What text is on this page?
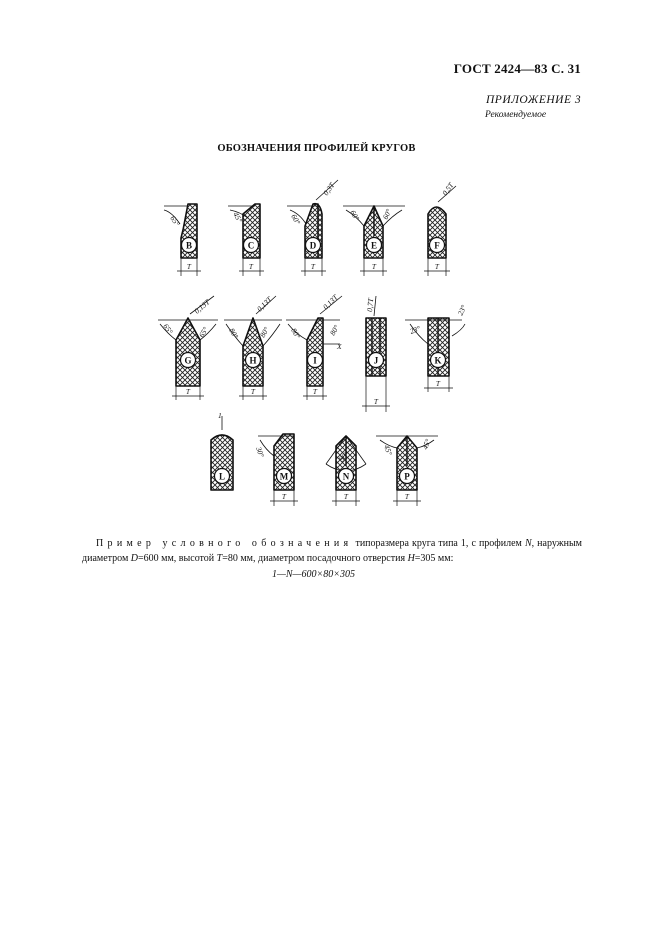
ГОСТ 2424—83 С. 31
ПРИЛОЖЕНИЕ 3
Рекомендуемое
ОБОЗНАЧЕНИЯ ПРОФИЛЕЙ КРУГОВ
B	C	D	E	F
G	H	I	J	K
L	M	N	P
T	T	T	T	T
T	T	T
T
T
T	T	T
65°	45°	60°
0,3T
60°	60°
0,5T
65°	65°
0,13T
80° 80°
0,13T
80°	80°
0,13T	0,7T
23°
23°
30°	90°	45°	45°
X
1
Пример условного обозначения типоразмера круга типа 1, с профилем N, наружным диаметром D=600 мм, высотой T=80 мм, диаметром посадочного отверстия H=305 мм:
1—N—600×80×305
